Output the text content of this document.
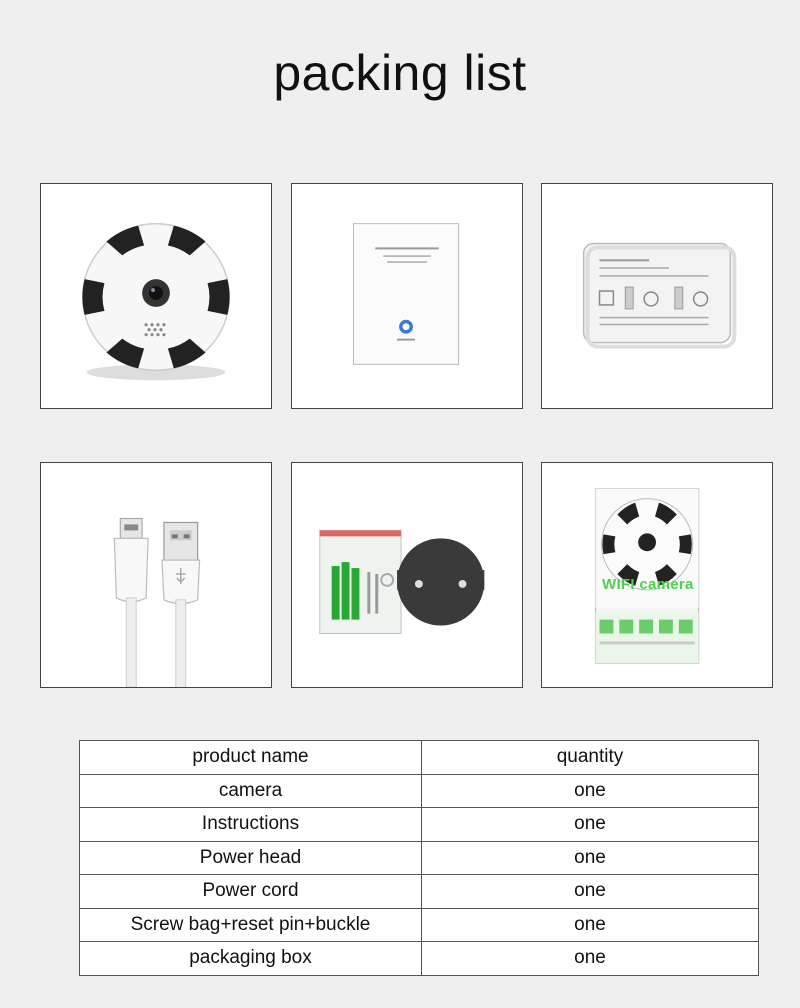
packing list
WIFI camera
product name	quantity
camera	one
Instructions	one
Power head	one
Power cord	one
Screw bag+reset pin+buckle	one
packaging box	one
